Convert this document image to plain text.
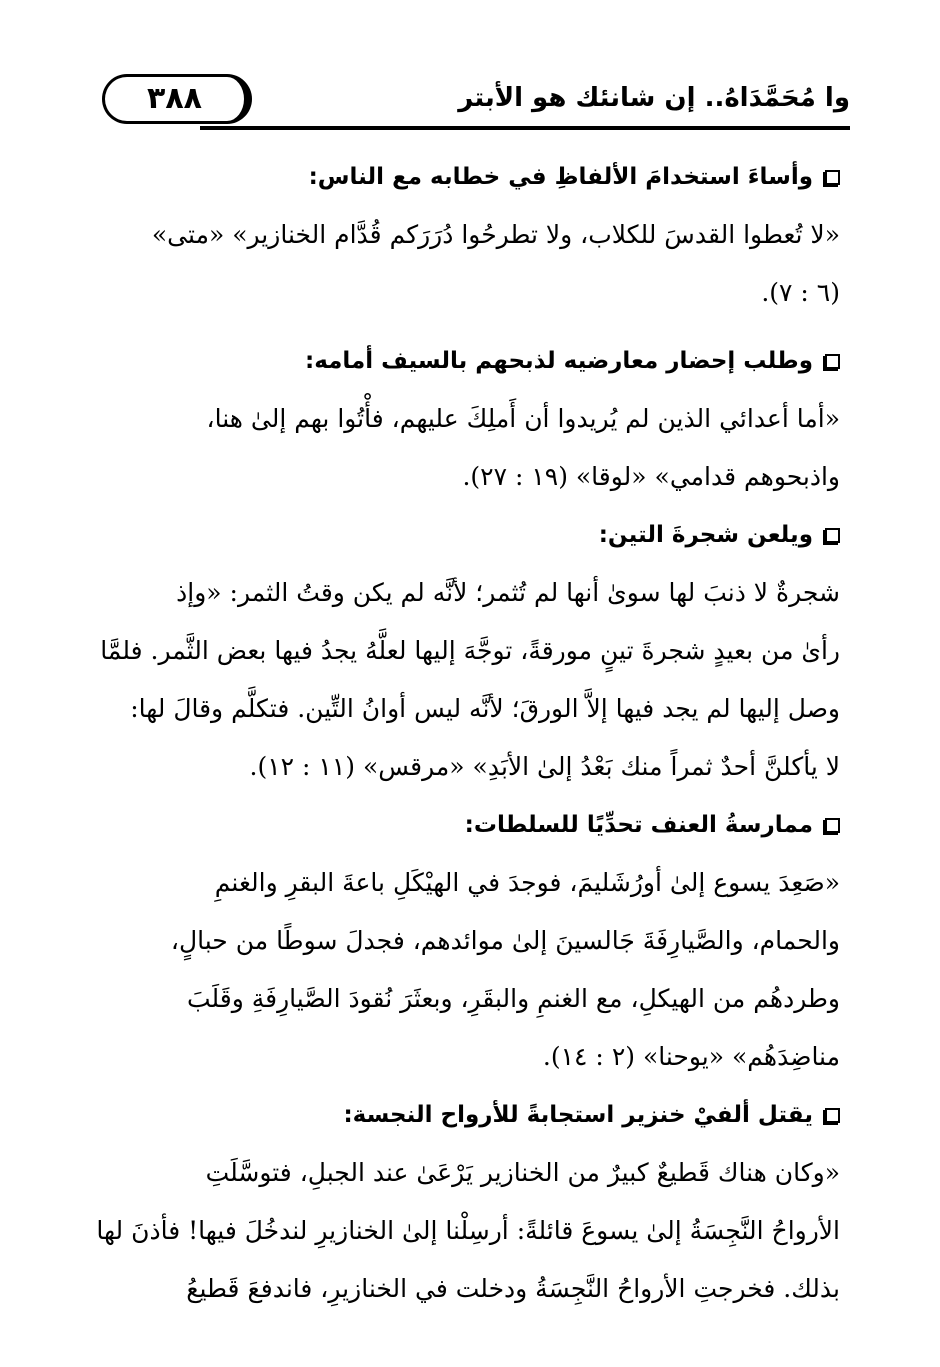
٣٨٨	وا مُحَمَّدَاهُ.. إن شانئك هو الأبتر
وأساءَ استخدامَ الألفاظِ في خطابه مع الناس:
«لا تُعطوا القدسَ للكلاب، ولا تطرحُوا دُرَرَكم قُدَّام الخنازير» «متى»
(٦ : ٧).
وطلب إحضار معارضيه لذبحهم بالسيف أمامه:
«أما أعدائي الذين لم يُريدوا أن أَملِكَ عليهم، فأْتُوا بهم إلىٰ هنا،
واذبحوهم قدامي» «لوقا» (١٩ : ٢٧).
ويلعن شجرةَ التين:
شجرةٌ لا ذنبَ لها سوىٰ أنها لم تُثمر؛ لأنَّه لم يكن وقتُ الثمر: «وإذ
رأىٰ من بعيدٍ شجرةَ تينٍ مورقةً، توجَّهَ إليها لعلَّهُ يجدُ فيها بعض الثَّمر. فلمَّا
وصل إليها لم يجد فيها إلاَّ الورقَ؛ لأنَّه ليس أوانُ التِّين. فتكلَّم وقالَ لها:
لا يأكلنَّ أحدٌ ثمراً منك بَعْدُ إلىٰ الأبَدِ» «مرقس» (١١ : ١٢).
ممارسةُ العنف تحدِّيًا للسلطات:
«صَعِدَ يسوع إلىٰ أورُشَليمَ، فوجدَ في الهيْكَلِ باعةَ البقرِ والغنمِ
والحمام، والصَّيارِفَةَ جَالسينَ إلىٰ موائدهم، فجدلَ سوطًا من حبالٍ،
وطردهُم من الهيكلِ، مع الغنمِ والبقَرِ، وبعثَرَ نُقودَ الصَّيارِفَةِ وقَلَبَ
مناضِدَهُم» «يوحنا» (٢ : ١٤).
يقتل ألفيْ خنزير استجابةً للأرواح النجسة:
«وكان هناك قَطيعٌ كبيرٌ من الخنازير يَرْعَىٰ عند الجبلِ، فتوسَّلَتِ
الأرواحُ النَّجِسَةُ إلىٰ يسوعَ قائلةً: أرسِلْنا إلىٰ الخنازيرِ لندخُلَ فيها! فأذنَ لها
بذلك. فخرجتِ الأرواحُ النَّجِسَةُ ودخلت في الخنازيرِ، فاندفعَ قَطيعُ
